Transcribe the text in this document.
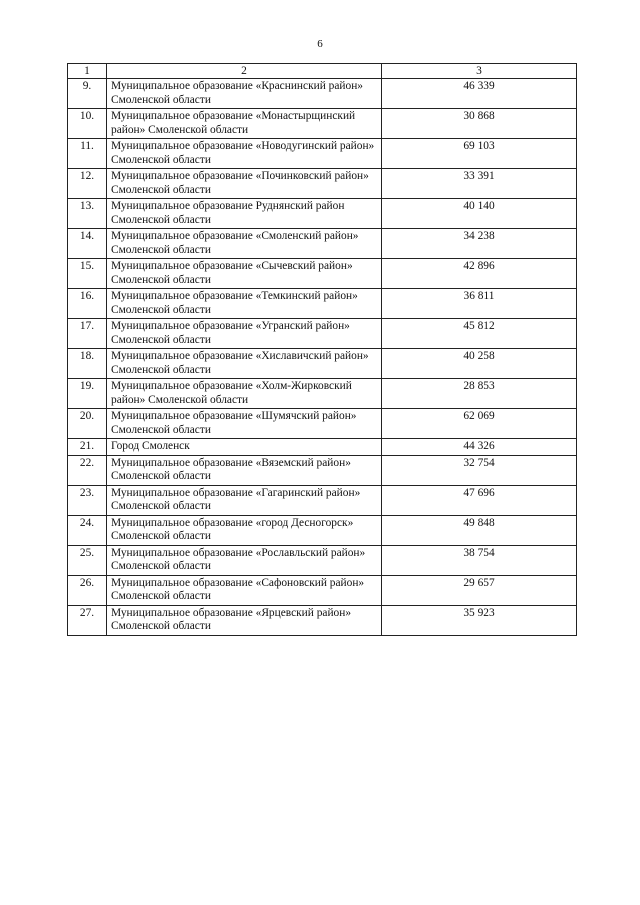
6
1	2	3
9.	Муниципальное образование «Краснинский район» Смоленской области	46 339
10.	Муниципальное образование «Монастырщинский район» Смоленской области	30 868
11.	Муниципальное образование «Новодугинский район» Смоленской области	69 103
12.	Муниципальное образование «Починковский район» Смоленской области	33 391
13.	Муниципальное образование Руднянский район Смоленской области	40 140
14.	Муниципальное образование «Смоленский район» Смоленской области	34 238
15.	Муниципальное образование «Сычевский район» Смоленской области	42 896
16.	Муниципальное образование «Темкинский район» Смоленской области	36 811
17.	Муниципальное образование «Угранский район» Смоленской области	45 812
18.	Муниципальное образование «Хиславичский район» Смоленской области	40 258
19.	Муниципальное образование «Холм-Жирковский район» Смоленской области	28 853
20.	Муниципальное образование «Шумячский район» Смоленской области	62 069
21.	Город Смоленск	44 326
22.	Муниципальное образование «Вяземский район» Смоленской области	32 754
23.	Муниципальное образование «Гагаринский район» Смоленской области	47 696
24.	Муниципальное образование «город Десногорск» Смоленской области	49 848
25.	Муниципальное образование «Рославльский район» Смоленской области	38 754
26.	Муниципальное образование «Сафоновский район» Смоленской области	29 657
27.	Муниципальное образование «Ярцевский район» Смоленской области	35 923
